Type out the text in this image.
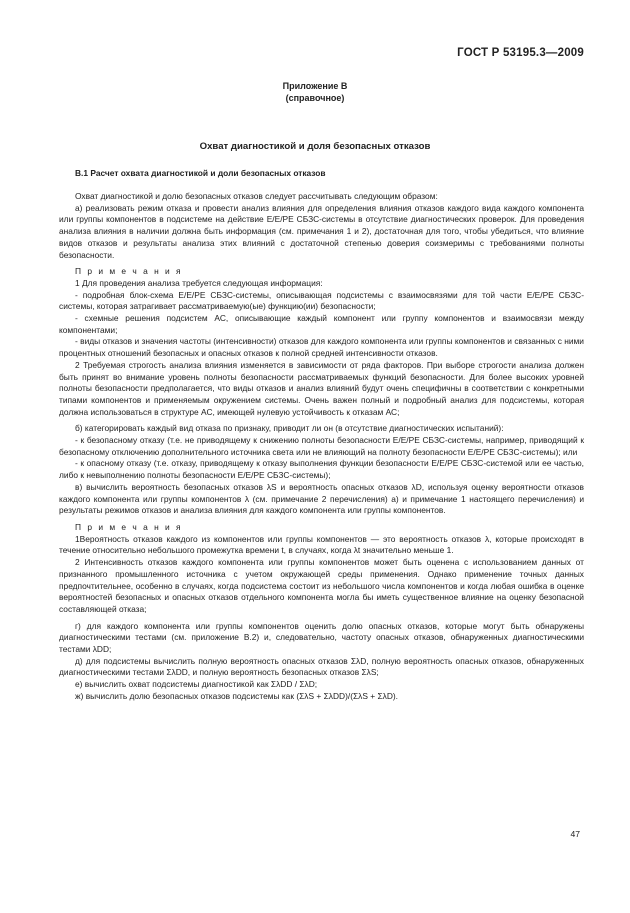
ГОСТ Р 53195.3—2009
Приложение В
(справочное)
Охват диагностикой и доля безопасных отказов
В.1 Расчет охвата диагностикой и доли безопасных отказов

Охват диагностикой и долю безопасных отказов следует рассчитывать следующим образом:

а) реализовать режим отказа и провести анализ влияния для определения влияния отказов каждого вида каждого компонента или группы компонентов в подсистеме на действие Е/Е/РЕ СБЗС-системы в отсутствие диагностических проверок. Для проведения анализа влияния в наличии должна быть информация (см. примечания 1 и 2), достаточная для того, чтобы убедиться, что влияние видов отказов и результаты анализа этих влияний с достаточной степенью доверия соизмеримы с требованиями полноты безопасности.

П р и м е ч а н и я

1 Для проведения анализа требуется следующая информация:

- подробная блок-схема Е/Е/РЕ СБЗС-системы, описывающая подсистемы с взаимосвязями для той части Е/Е/РЕ СБЗС-системы, которая затрагивает рассматриваемую(ые) функцию(ии) безопасности;

- схемные решения подсистем АС, описывающие каждый компонент или группу компонентов и взаимосвязи между компонентами;

- виды отказов и значения частоты (интенсивности) отказов для каждого компонента или группы компонентов и связанных с ними процентных отношений безопасных и опасных отказов к полной средней интенсивности отказов.

2 Требуемая строгость анализа влияния изменяется в зависимости от ряда факторов. При выборе строгости анализа должен быть принят во внимание уровень полноты безопасности рассматриваемых функций безопасности. Для более высоких уровней полноты безопасности предполагается, что виды отказов и анализ влияний будут очень специфичны в соответствии с конкретными типами компонентов и применяемым окружением системы. Очень важен полный и подробный анализ для подсистемы, которая должна использоваться в структуре АС, имеющей нулевую устойчивость к отказам АС;

б) категорировать каждый вид отказа по признаку, приводит ли он (в отсутствие диагностических испытаний):

- к безопасному отказу (т.е. не приводящему к снижению полноты безопасности Е/Е/РЕ СБЗС-системы, например, приводящий к безопасному отключению дополнительного источника света или не влияющий на полноту безопасности Е/Е/РЕ СБЗС-системы); или

- к опасному отказу (т.е. отказу, приводящему к отказу выполнения функции безопасности Е/Е/РЕ СБЗС-системой или ее частью, либо к невыполнению полноты безопасности Е/Е/РЕ СБЗС-системы);

в) вычислить вероятность безопасных отказов λS и вероятность опасных отказов λD, используя оценку вероятности отказов каждого компонента или группы компонентов λ (см. примечание 2 перечисления) а) и примечание 1 настоящего перечисления) и результаты режимов отказов и анализа влияния для каждого компонента или группы компонентов.

П р и м е ч а н и я

1Вероятность отказов каждого из компонентов или группы компонентов — это вероятность отказов λ, которые происходят в течение относительно небольшого промежутка времени t, в случаях, когда λt значительно меньше 1.

2 Интенсивность отказов каждого компонента или группы компонентов может быть оценена с использованием данных от признанного промышленного источника с учетом окружающей среды применения. Однако применение точных данных предпочтительнее, особенно в случаях, когда подсистема состоит из небольшого числа компонентов и когда любая ошибка в оценке вероятностей безопасных и опасных отказов отдельного компонента могла бы иметь существенное влияние на оценку безопасной составляющей отказа;

г) для каждого компонента или группы компонентов оценить долю опасных отказов, которые могут быть обнаружены диагностическими тестами (см. приложение В.2) и, следовательно, частоту опасных отказов, обнаруженных диагностическими тестами λDD;

д) для подсистемы вычислить полную вероятность опасных отказов ΣλD, полную вероятность опасных отказов, обнаруженных диагностическими тестами ΣλDD, и полную вероятность безопасных отказов ΣλS;

е) вычислить охват подсистемы диагностикой как ΣλDD / ΣλD;

ж) вычислить долю безопасных отказов подсистемы как (ΣλS + ΣλDD)/(ΣλS + ΣλD).

47
